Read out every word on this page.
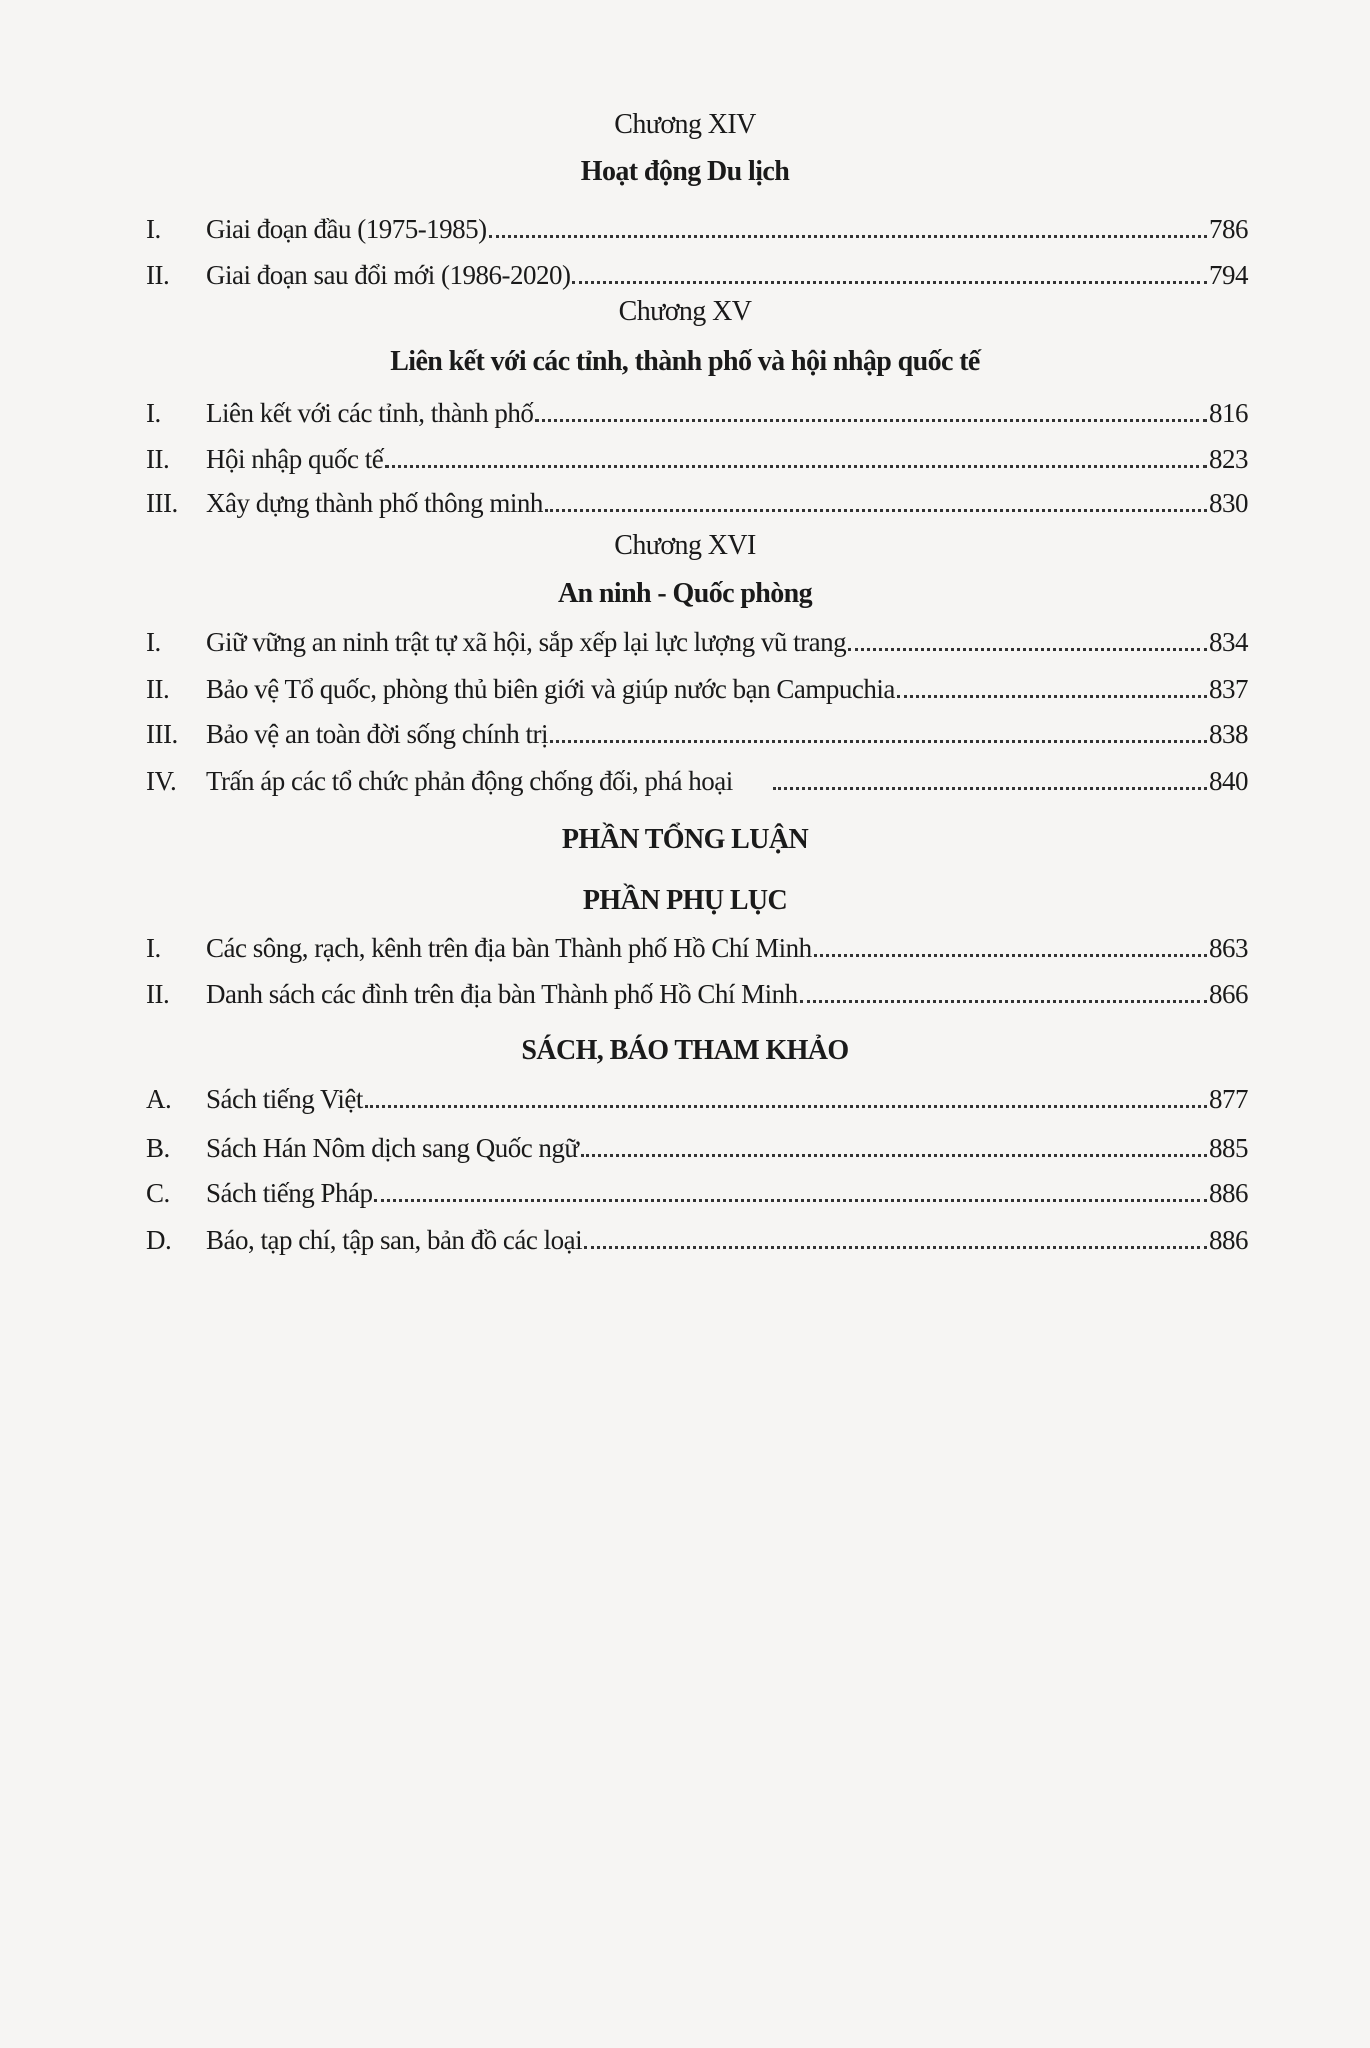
Chương XIV
Hoạt động Du lịch
I.	Giai đoạn đầu (1975-1985)	786
II.	Giai đoạn sau đổi mới (1986-2020)	794
Chương XV
Liên kết với các tỉnh, thành phố và hội nhập quốc tế
I.	Liên kết với các tỉnh, thành phố	816
II.	Hội nhập quốc tế	823
III.	Xây dựng thành phố thông minh	830
Chương XVI
An ninh - Quốc phòng
I.	Giữ vững an ninh trật tự xã hội, sắp xếp lại lực lượng vũ trang	834
II.	Bảo vệ Tổ quốc, phòng thủ biên giới và giúp nước bạn Campuchia	837
III.	Bảo vệ an toàn đời sống chính trị	838
IV.	Trấn áp các tổ chức phản động chống đối, phá hoại	840
PHẦN TỔNG LUẬN
PHẦN PHỤ LỤC
I.	Các sông, rạch, kênh trên địa bàn Thành phố Hồ Chí Minh	863
II.	Danh sách các đình trên địa bàn Thành phố Hồ Chí Minh	866
SÁCH, BÁO THAM KHẢO
A.	Sách tiếng Việt	877
B.	Sách Hán Nôm dịch sang Quốc ngữ	885
C.	Sách tiếng Pháp	886
D.	Báo, tạp chí, tập san, bản đồ các loại	886
